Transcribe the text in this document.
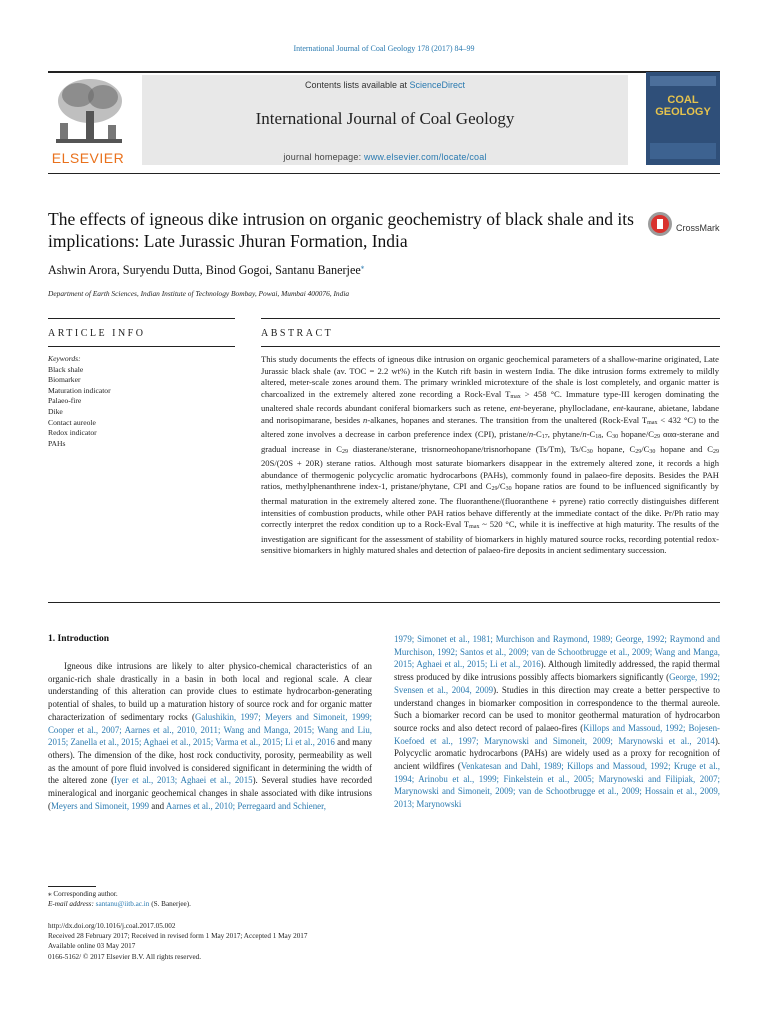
International Journal of Coal Geology 178 (2017) 84–99
ELSEVIER
Contents lists available at ScienceDirect
International Journal of Coal Geology
journal homepage: www.elsevier.com/locate/coal
COAL GEOLOGY
The effects of igneous dike intrusion on organic geochemistry of black shale and its implications: Late Jurassic Jhuran Formation, India
CrossMark
Ashwin Arora, Suryendu Dutta, Binod Gogoi, Santanu Banerjee⁎
Department of Earth Sciences, Indian Institute of Technology Bombay, Powai, Mumbai 400076, India
ARTICLE INFO	ABSTRACT
Keywords:
Black shale
Biomarker
Maturation indicator
Palaeo-fire
Dike
Contact aureole
Redox indicator
PAHs
This study documents the effects of igneous dike intrusion on organic geochemical parameters of a shallow-marine originated, Late Jurassic black shale (av. TOC = 2.2 wt%) in the Kutch rift basin in western India. The dike intrusion forms extremely to mildly altered, meter-scale zones around them. The primary wrinkled microtexture of the shale is lost completely, and organic matter is charcoalized in the extremely altered zone recording a Rock-Eval Tmax > 458 °C. Immature type-III kerogen dominating the unaltered shale records abundant coniferal biomarkers such as retene, ent-beyerane, phyllocladane, ent-kaurane, abietane, labdane and norisopimarane, besides n-alkanes, hopanes and steranes. The transition from the unaltered (Rock-Eval Tmax < 432 °C) to the altered zone involves a decrease in carbon preference index (CPI), pristane/n-C17, phytane/n-C18, C30 hopane/C29 ααα-sterane and gradual increase in C29 diasterane/sterane, trisnorneohopane/trisnorhopane (Ts/Tm), Ts/C30 hopane, C29/C30 hopane and C29 20S/(20S + 20R) sterane ratios. Although most saturate biomarkers disappear in the extremely altered zone, it records a high abundance of thermogenic polycyclic aromatic hydrocarbons (PAHs), commonly found in palaeo-fire deposits. Besides the PAH ratios, methylphenanthrene index-1, pristane/phytane, CPI and C29/C30 hopane ratios are found to be influenced significantly by thermal maturation in the extremely altered zone. The fluoranthene/(fluoranthene + pyrene) ratio correctly distinguishes different intensities of combustion products, while other PAH ratios behave differently at the immediate contact of the dike. Pr/Ph ratio may correctly interpret the redox condition up to a Rock-Eval Tmax ~ 520 °C, while it is ineffective at high maturity. The results of the investigation are significant for the assessment of stability of biomarkers in highly matured source rocks, recording potential redox-sensitive biomarkers in highly matured shales and detection of palaeo-fire deposits in ancient sedimentary succession.
1. Introduction
Igneous dike intrusions are likely to alter physico-chemical characteristics of an organic-rich shale drastically in a basin in both local and regional scale. A clear understanding of this alteration can provide clues to estimate hydrocarbon-generating potential of shales, to build up a maturation history of source rock and for organic matter characterization of sedimentary rocks (Galushikin, 1997; Meyers and Simoneit, 1999; Cooper et al., 2007; Aarnes et al., 2010, 2011; Wang and Manga, 2015; Wang and Liu, 2015; Zanella et al., 2015; Aghaei et al., 2015; Varma et al., 2015; Li et al., 2016 and many others). The dimension of the dike, host rock conductivity, porosity, permeability as well as the amount of pore fluid involved is considered significant in determining the width of the altered zone (Iyer et al., 2013; Aghaei et al., 2015). Several studies have recorded mineralogical and inorganic geochemical changes in shale associated with dike intrusions (Meyers and Simoneit, 1999 and Aarnes et al., 2010; Perregaard and Schiener,
1979; Simonet et al., 1981; Murchison and Raymond, 1989; George, 1992; Raymond and Murchison, 1992; Santos et al., 2009; van de Schootbrugge et al., 2009; Wang and Manga, 2015; Aghaei et al., 2015; Li et al., 2016). Although limitedly addressed, the rapid thermal stress produced by dike intrusions possibly affects biomarkers significantly (George, 1992; Svensen et al., 2004, 2009). Studies in this direction may create a better perspective to understand changes in biomarker composition in correspondence to the thermal aureole. Such a biomarker record can be used to monitor geothermal maturation of hydrocarbon source rocks and also detect record of palaeo-fires (Killops and Massoud, 1992; Bojesen-Koefoed et al., 1997; Marynowski and Simoneit, 2009; Marynowski et al., 2014). Polycyclic aromatic hydrocarbons (PAHs) are widely used as a proxy for recognition of ancient wildfires (Venkatesan and Dahl, 1989; Killops and Massoud, 1992; Kruge et al., 1994; Arinobu et al., 1999; Finkelstein et al., 2005; Marynowski and Filipiak, 2007; Marynowski and Simoneit, 2009; van de Schootbrugge et al., 2009; Hossain et al., 2009, 2013; Marynowski
⁎ Corresponding author.
E-mail address: santanu@iitb.ac.in (S. Banerjee).
http://dx.doi.org/10.1016/j.coal.2017.05.002
Received 28 February 2017; Received in revised form 1 May 2017; Accepted 1 May 2017
Available online 03 May 2017
0166-5162/ © 2017 Elsevier B.V. All rights reserved.
